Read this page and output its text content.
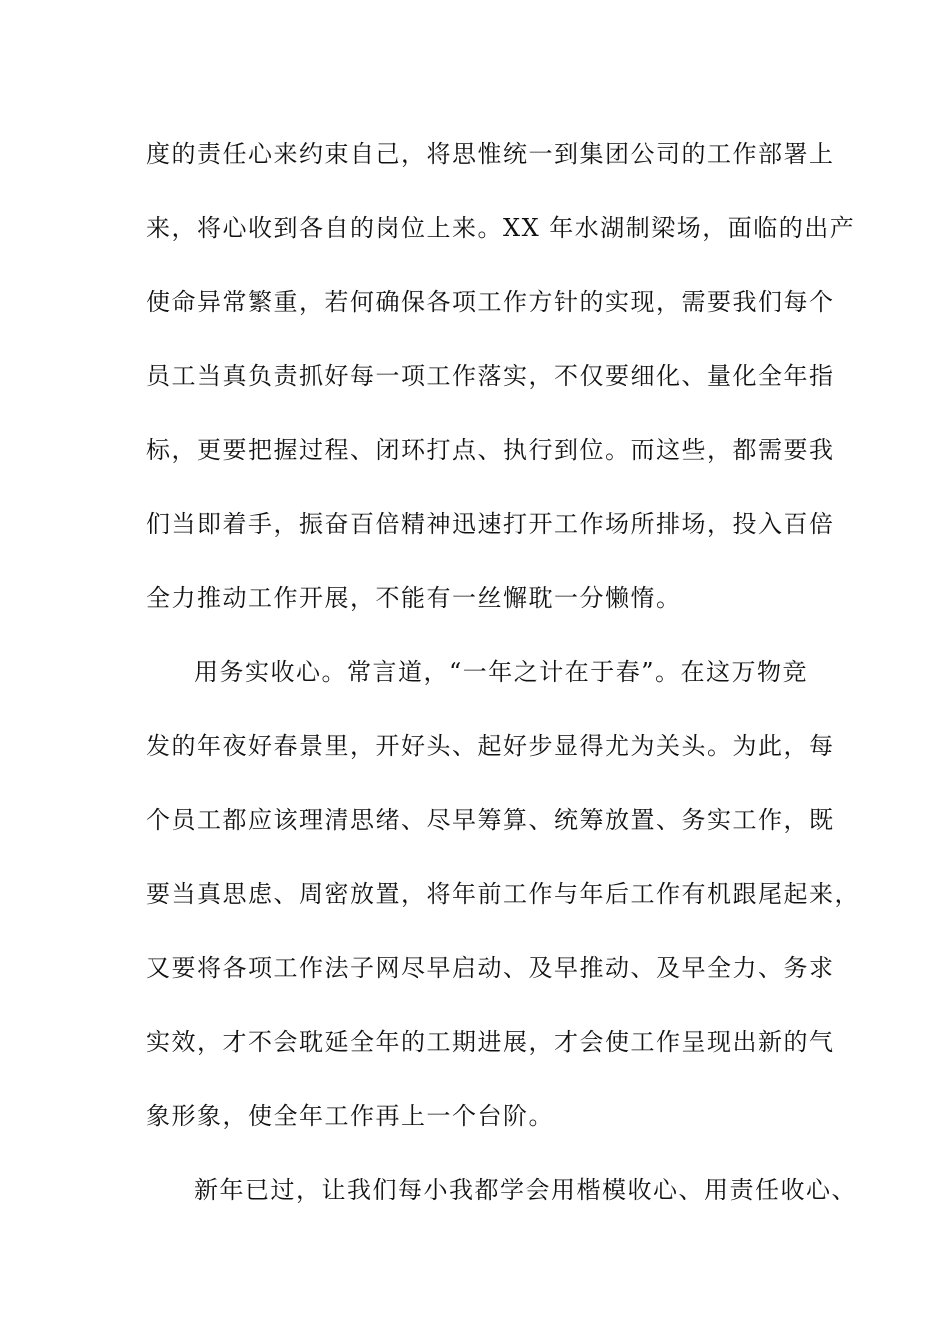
度的责任心来约束自己，将思惟统一到集团公司的工作部署上
来，将心收到各自的岗位上来。XX 年水湖制梁场，面临的出产
使命异常繁重，若何确保各项工作方针的实现，需要我们每个
员工当真负责抓好每一项工作落实，不仅要细化、量化全年指
标，更要把握过程、闭环打点、执行到位。而这些，都需要我
们当即着手，振奋百倍精神迅速打开工作场所排场，投入百倍
全力推动工作开展，不能有一丝懈耽一分懒惰。
用务实收心。常言道，“一年之计在于春”。在这万物竞
发的年夜好春景里，开好头、起好步显得尤为关头。为此，每
个员工都应该理清思绪、尽早筹算、统筹放置、务实工作，既
要当真思虑、周密放置，将年前工作与年后工作有机跟尾起来，
又要将各项工作法子网尽早启动、及早推动、及早全力、务求
实效，才不会耽延全年的工期进展，才会使工作呈现出新的气
象形象，使全年工作再上一个台阶。
新年已过，让我们每小我都学会用楷模收心、用责任收心、
